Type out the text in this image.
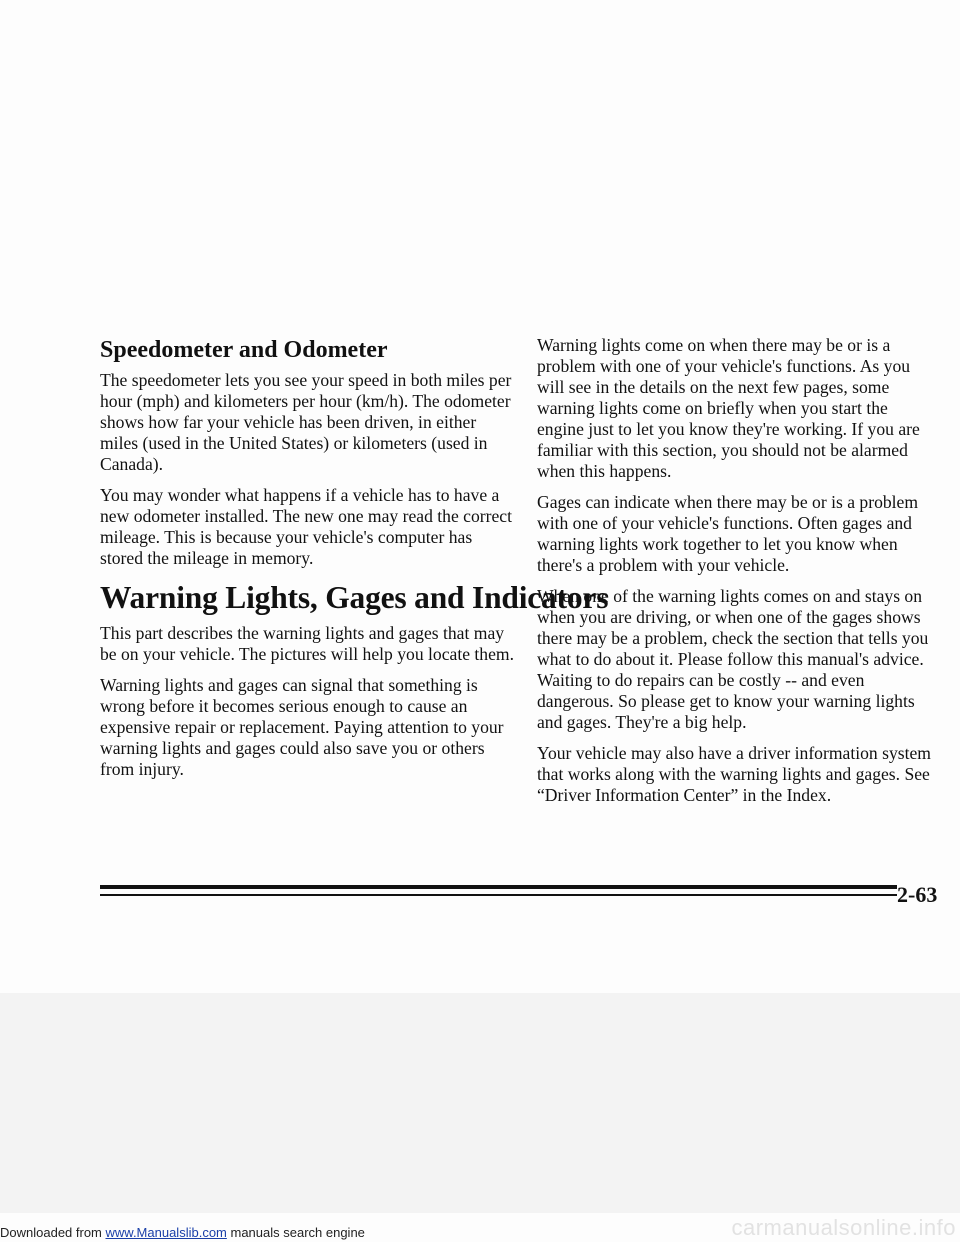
Speedometer and Odometer

The speedometer lets you see your speed in both miles per hour (mph) and kilometers per hour (km/h). The odometer shows how far your vehicle has been driven, in either miles (used in the United States) or kilometers (used in Canada).

You may wonder what happens if a vehicle has to have a new odometer installed. The new one may read the correct mileage. This is because your vehicle's computer has stored the mileage in memory.

Warning Lights, Gages and Indicators

This part describes the warning lights and gages that may be on your vehicle. The pictures will help you locate them.

Warning lights and gages can signal that something is wrong before it becomes serious enough to cause an expensive repair or replacement. Paying attention to your warning lights and gages could also save you or others from injury.

Warning lights come on when there may be or is a problem with one of your vehicle's functions. As you will see in the details on the next few pages, some warning lights come on briefly when you start the engine just to let you know they're working. If you are familiar with this section, you should not be alarmed when this happens.

Gages can indicate when there may be or is a problem with one of your vehicle's functions. Often gages and warning lights work together to let you know when there's a problem with your vehicle.

When one of the warning lights comes on and stays on when you are driving, or when one of the gages shows there may be a problem, check the section that tells you what to do about it. Please follow this manual's advice. Waiting to do repairs can be costly -- and even dangerous. So please get to know your warning lights and gages. They're a big help.

Your vehicle may also have a driver information system that works along with the warning lights and gages. See “Driver Information Center” in the Index.

2-63
Downloaded from www.Manualslib.com manuals search engine	carmanualsonline.info
